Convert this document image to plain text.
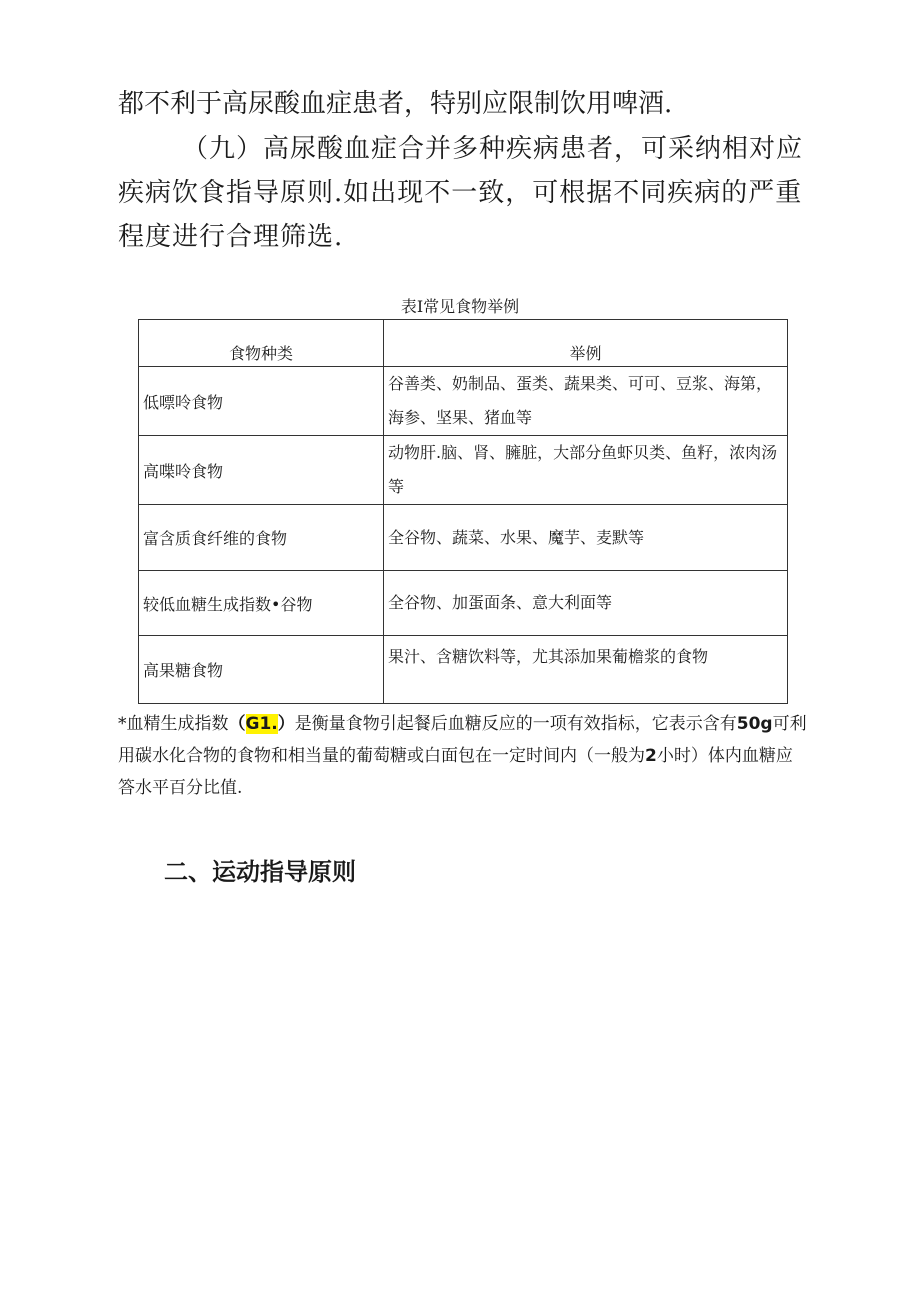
都不利于高尿酸血症患者，特别应限制饮用啤酒.

（九）高尿酸血症合并多种疾病患者，可采纳相对应疾病饮食指导原则.如出现不一致，可根据不同疾病的严重程度进行合理筛选.

表I常见食物举例
食物种类	举例
低嘌呤食物	谷善类、奶制品、蛋类、蔬果类、可可、豆浆、海第，海参、坚果、猪血等
高喋呤食物	动物肝.脑、肾、臃脏，大部分鱼虾贝类、鱼籽，浓肉汤等
富含质食纤维的食物	全谷物、蔬菜、水果、魔芋、麦默等
较低血糖生成指数•谷物	全谷物、加蛋面条、意大利面等
高果糖食物	果汁、含糖饮料等，尤其添加果葡檐浆的食物

*血精生成指数（G1.）是衡量食物引起餐后血糖反应的一项有效指标，它表示含有50g可利用碳水化合物的食物和相当量的葡萄糖或白面包在一定时间内（一般为2小时）体内血糖应答水平百分比值.

二、运动指导原则
